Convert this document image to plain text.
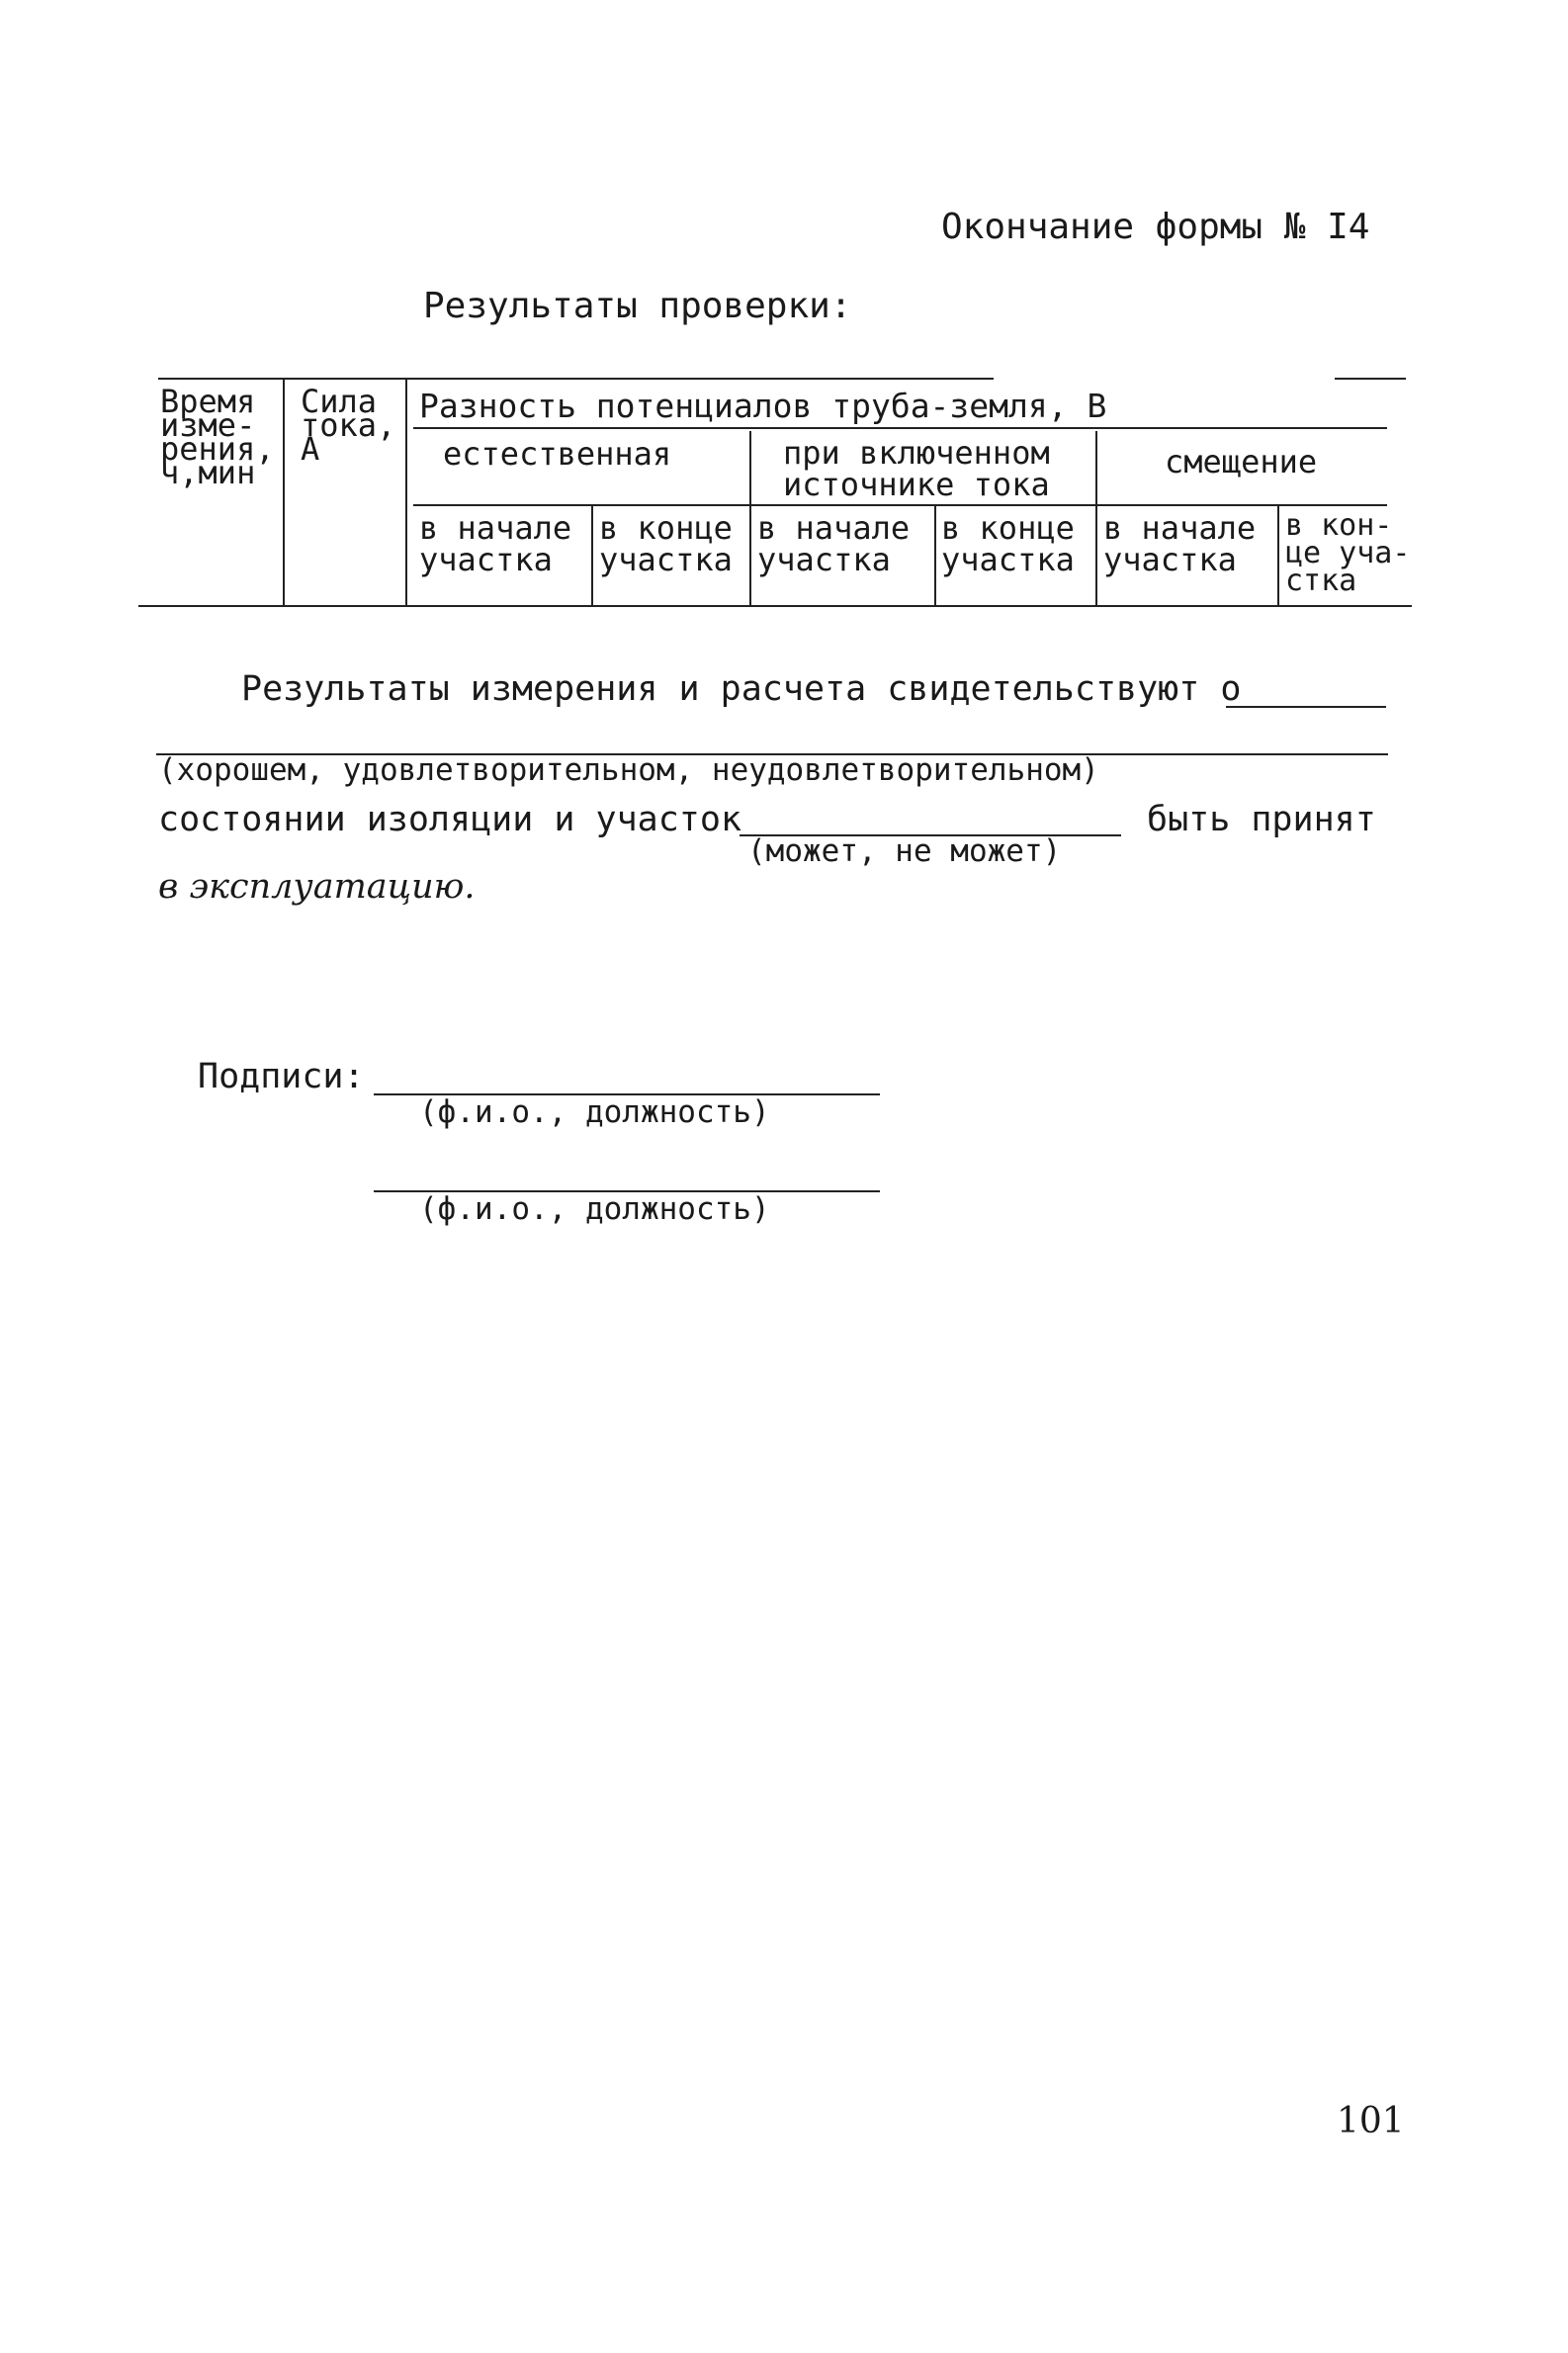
Окончание формы № I4
Результаты проверки:
Время
изме-
рения,
ч,мин
Сила
тока,
А
Разность потенциалов труба-земля, В
естественная	при включенном
источнике тока
смещение
в начале
участка
в конце
участка
в начале
участка
в конце
участка
в начале
участка
в кон-
це уча-
стка
Результаты измерения и расчета свидетельствуют о
(хорошем, удовлетворительном, неудовлетворительном)
состоянии изоляции и участок
(может, не может)
быть принят
в эксплуатацию.
Подписи:
(ф.и.о., должность)
(ф.и.о., должность)
101
